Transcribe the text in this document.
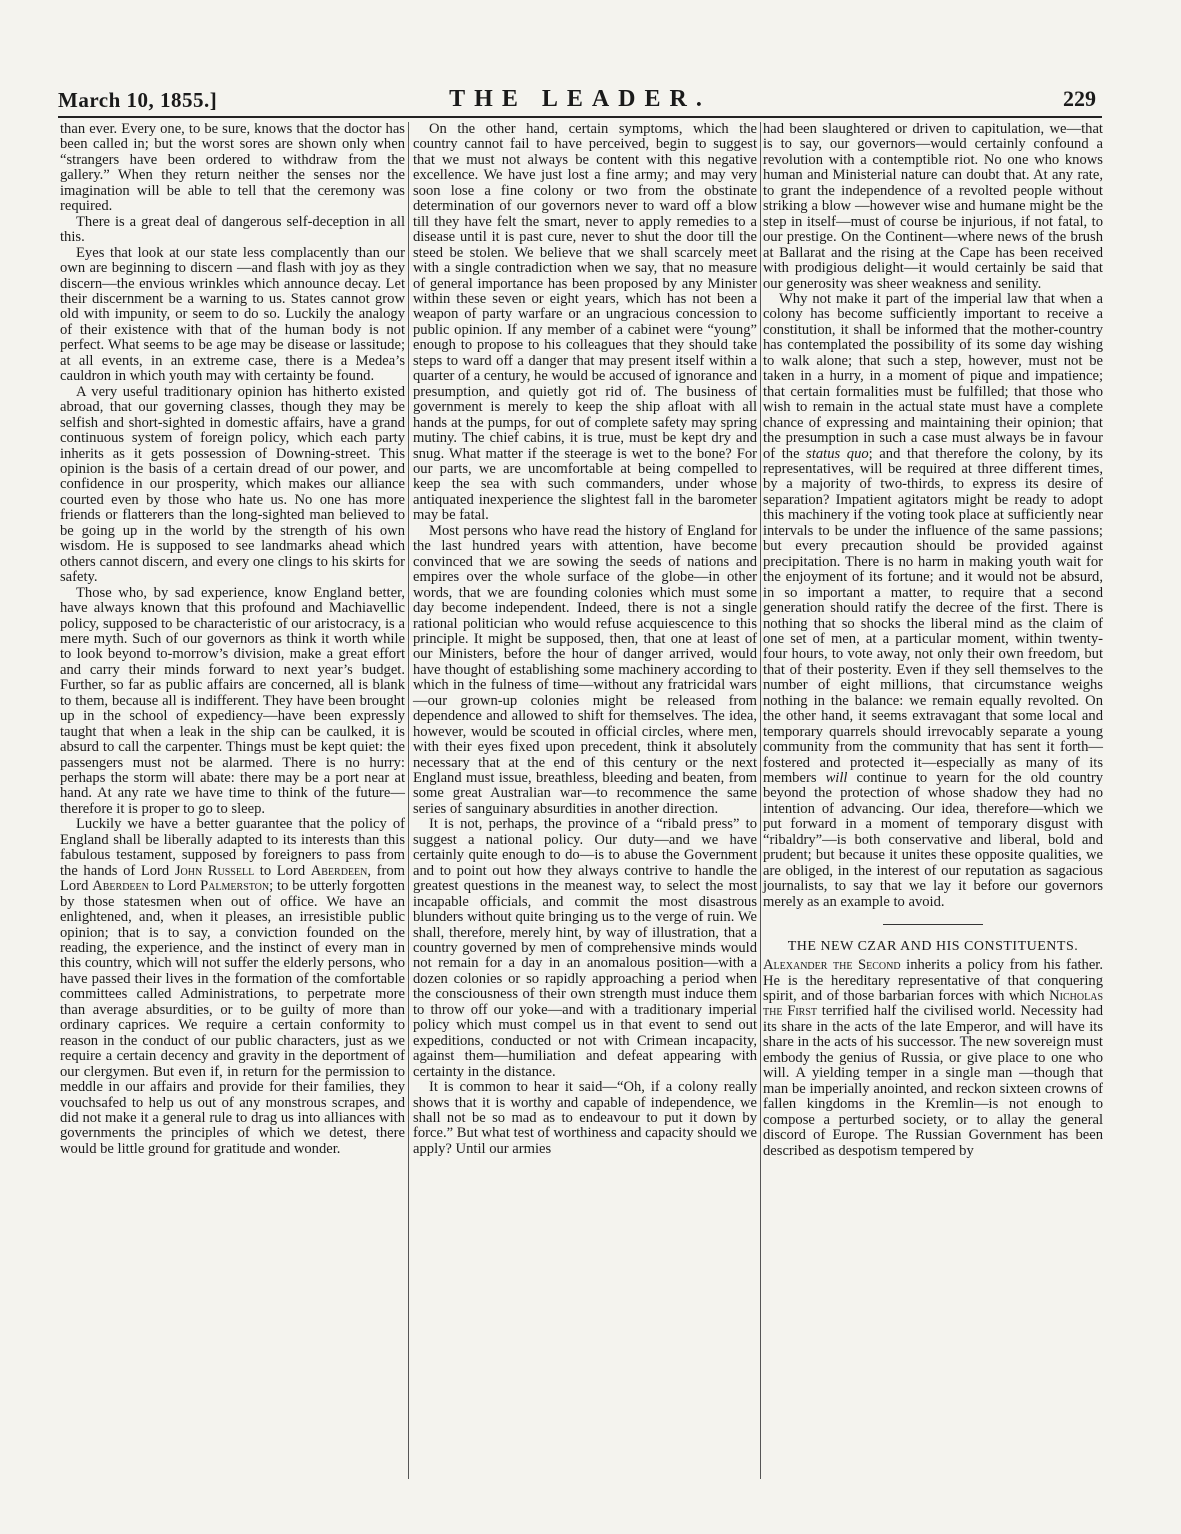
March 10, 1855.]	THE LEADER.	229

than ever. Every one, to be sure, knows that the doctor has been called in; but the worst sores are shown only when “strangers have been ordered to withdraw from the gallery.” When they return neither the senses nor the imagination will be able to tell that the ceremony was required.

There is a great deal of dangerous self-deception in all this.

Eyes that look at our state less complacently than our own are beginning to discern —and flash with joy as they discern—the envious wrinkles which announce decay. Let their discernment be a warning to us. States cannot grow old with impunity, or seem to do so. Luckily the analogy of their existence with that of the human body is not perfect. What seems to be age may be disease or lassitude; at all events, in an extreme case, there is a Medea’s cauldron in which youth may with certainty be found.

A very useful traditionary opinion has hitherto existed abroad, that our governing classes, though they may be selfish and short-sighted in domestic affairs, have a grand continuous system of foreign policy, which each party inherits as it gets possession of Downing-street. This opinion is the basis of a certain dread of our power, and confidence in our prosperity, which makes our alliance courted even by those who hate us. No one has more friends or flatterers than the long-sighted man believed to be going up in the world by the strength of his own wisdom. He is supposed to see landmarks ahead which others cannot discern, and every one clings to his skirts for safety.

Those who, by sad experience, know England better, have always known that this profound and Machiavellic policy, supposed to be characteristic of our aristocracy, is a mere myth. Such of our governors as think it worth while to look beyond to-morrow’s division, make a great effort and carry their minds forward to next year’s budget. Further, so far as public affairs are concerned, all is blank to them, because all is indifferent. They have been brought up in the school of expediency—have been expressly taught that when a leak in the ship can be caulked, it is absurd to call the carpenter. Things must be kept quiet: the passengers must not be alarmed. There is no hurry: perhaps the storm will abate: there may be a port near at hand. At any rate we have time to think of the future—therefore it is proper to go to sleep.

Luckily we have a better guarantee that the policy of England shall be liberally adapted to its interests than this fabulous testament, supposed by foreigners to pass from the hands of Lord John Russell to Lord Aberdeen, from Lord Aberdeen to Lord Palmerston; to be utterly forgotten by those statesmen when out of office. We have an enlightened, and, when it pleases, an irresistible public opinion; that is to say, a conviction founded on the reading, the experience, and the instinct of every man in this country, which will not suffer the elderly persons, who have passed their lives in the formation of the comfortable committees called Administrations, to perpetrate more than average absurdities, or to be guilty of more than ordinary caprices. We require a certain conformity to reason in the conduct of our public characters, just as we require a certain decency and gravity in the deportment of our clergymen. But even if, in return for the permission to meddle in our affairs and provide for their families, they vouchsafed to help us out of any monstrous scrapes, and did not make it a general rule to drag us into alliances with governments the principles of which we detest, there would be little ground for gratitude and wonder.

On the other hand, certain symptoms, which the country cannot fail to have perceived, begin to suggest that we must not always be content with this negative excellence. We have just lost a fine army; and may very soon lose a fine colony or two from the obstinate determination of our governors never to ward off a blow till they have felt the smart, never to apply remedies to a disease until it is past cure, never to shut the door till the steed be stolen. We believe that we shall scarcely meet with a single contradiction when we say, that no measure of general importance has been proposed by any Minister within these seven or eight years, which has not been a weapon of party warfare or an ungracious concession to public opinion. If any member of a cabinet were “young” enough to propose to his colleagues that they should take steps to ward off a danger that may present itself within a quarter of a century, he would be accused of ignorance and presumption, and quietly got rid of. The business of government is merely to keep the ship afloat with all hands at the pumps, for out of complete safety may spring mutiny. The chief cabins, it is true, must be kept dry and snug. What matter if the steerage is wet to the bone? For our parts, we are uncomfortable at being compelled to keep the sea with such commanders, under whose antiquated inexperience the slightest fall in the barometer may be fatal.

Most persons who have read the history of England for the last hundred years with attention, have become convinced that we are sowing the seeds of nations and empires over the whole surface of the globe—in other words, that we are founding colonies which must some day become independent. Indeed, there is not a single rational politician who would refuse acquiescence to this principle. It might be supposed, then, that one at least of our Ministers, before the hour of danger arrived, would have thought of establishing some machinery according to which in the fulness of time—without any fratricidal wars —our grown-up colonies might be released from dependence and allowed to shift for themselves. The idea, however, would be scouted in official circles, where men, with their eyes fixed upon precedent, think it absolutely necessary that at the end of this century or the next England must issue, breathless, bleeding and beaten, from some great Australian war—to recommence the same series of sanguinary absurdities in another direction.

It is not, perhaps, the province of a “ribald press” to suggest a national policy. Our duty—and we have certainly quite enough to do—is to abuse the Government and to point out how they always contrive to handle the greatest questions in the meanest way, to select the most incapable officials, and commit the most disastrous blunders without quite bringing us to the verge of ruin. We shall, therefore, merely hint, by way of illustration, that a country governed by men of comprehensive minds would not remain for a day in an anomalous position—with a dozen colonies or so rapidly approaching a period when the consciousness of their own strength must induce them to throw off our yoke—and with a traditionary imperial policy which must compel us in that event to send out expeditions, conducted or not with Crimean incapacity, against them—humiliation and defeat appearing with certainty in the distance.

It is common to hear it said—“Oh, if a colony really shows that it is worthy and capable of independence, we shall not be so mad as to endeavour to put it down by force.” But what test of worthiness and capacity should we apply? Until our armies

had been slaughtered or driven to capitulation, we—that is to say, our governors—would certainly confound a revolution with a contemptible riot. No one who knows human and Ministerial nature can doubt that. At any rate, to grant the independence of a revolted people without striking a blow —however wise and humane might be the step in itself—must of course be injurious, if not fatal, to our prestige. On the Continent—where news of the brush at Ballarat and the rising at the Cape has been received with prodigious delight—it would certainly be said that our generosity was sheer weakness and senility.

Why not make it part of the imperial law that when a colony has become sufficiently important to receive a constitution, it shall be informed that the mother-country has contemplated the possibility of its some day wishing to walk alone; that such a step, however, must not be taken in a hurry, in a moment of pique and impatience; that certain formalities must be fulfilled; that those who wish to remain in the actual state must have a complete chance of expressing and maintaining their opinion; that the presumption in such a case must always be in favour of the status quo; and that therefore the colony, by its representatives, will be required at three different times, by a majority of two-thirds, to express its desire of separation? Impatient agitators might be ready to adopt this machinery if the voting took place at sufficiently near intervals to be under the influence of the same passions; but every precaution should be provided against precipitation. There is no harm in making youth wait for the enjoyment of its fortune; and it would not be absurd, in so important a matter, to require that a second generation should ratify the decree of the first. There is nothing that so shocks the liberal mind as the claim of one set of men, at a particular moment, within twenty-four hours, to vote away, not only their own freedom, but that of their posterity. Even if they sell themselves to the number of eight millions, that circumstance weighs nothing in the balance: we remain equally revolted. On the other hand, it seems extravagant that some local and temporary quarrels should irrevocably separate a young community from the community that has sent it forth—fostered and protected it—especially as many of its members will continue to yearn for the old country beyond the protection of whose shadow they had no intention of advancing. Our idea, therefore—which we put forward in a moment of temporary disgust with “ribaldry”—is both conservative and liberal, bold and prudent; but because it unites these opposite qualities, we are obliged, in the interest of our reputation as sagacious journalists, to say that we lay it before our governors merely as an example to avoid.

THE NEW CZAR AND HIS CONSTITUENTS.

Alexander the Second inherits a policy from his father. He is the hereditary representative of that conquering spirit, and of those barbarian forces with which Nicholas the First terrified half the civilised world. Necessity had its share in the acts of the late Emperor, and will have its share in the acts of his successor. The new sovereign must embody the genius of Russia, or give place to one who will. A yielding temper in a single man —though that man be imperially anointed, and reckon sixteen crowns of fallen kingdoms in the Kremlin—is not enough to compose a perturbed society, or to allay the general discord of Europe. The Russian Government has been described as despotism tempered by
